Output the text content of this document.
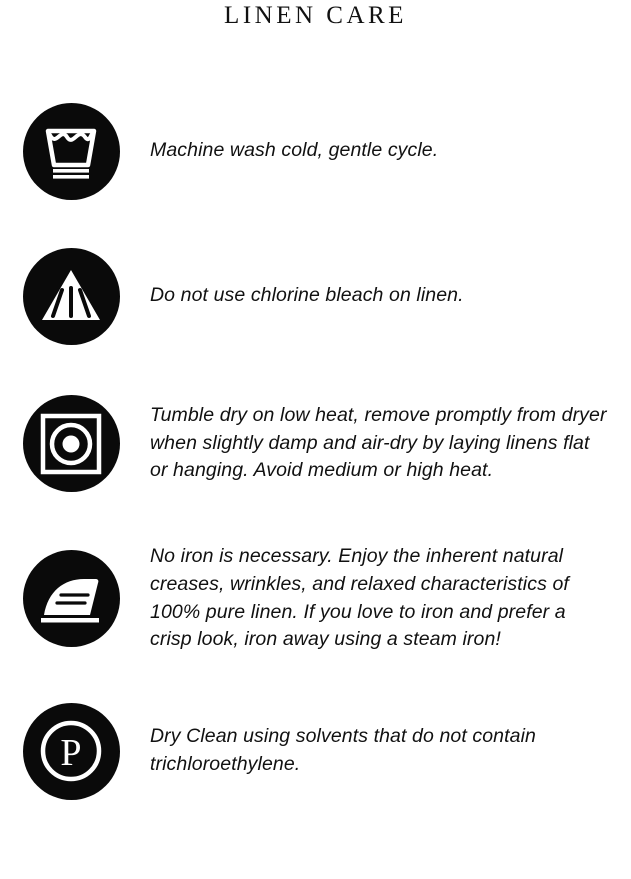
LINEN CARE

Machine wash cold, gentle cycle.

Do not use chlorine bleach on linen.

Tumble dry on low heat, remove promptly from dryer when slightly damp and air-dry by laying linens flat or hanging. Avoid medium or high heat.

No iron is necessary. Enjoy the inherent natural creases, wrinkles, and relaxed characteristics of 100% pure linen. If you love to iron and prefer a crisp look, iron away using a steam iron!

P	Dry Clean using solvents that do not contain trichloroethylene.
